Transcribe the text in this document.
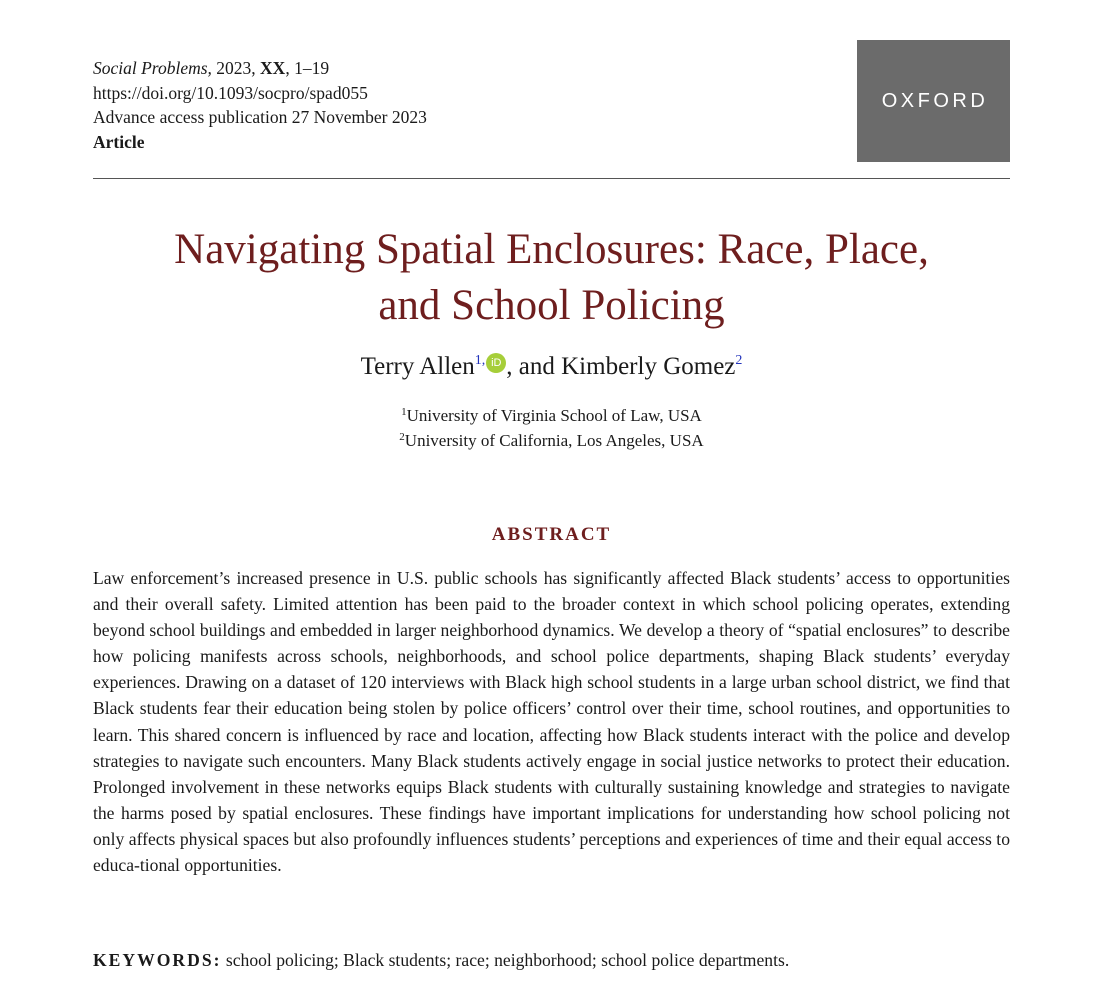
Social Problems, 2023, XX, 1–19
https://doi.org/10.1093/socpro/spad055
Advance access publication 27 November 2023
Article
OXFORD
Navigating Spatial Enclosures: Race, Place,
and School Policing
Terry Allen$^{1,}$ iD , and Kimberly Gomez$^2$
$^1$University of Virginia School of Law, USA
$^2$University of California, Los Angeles, USA
ABSTRACT

Law enforcement’s increased presence in U.S. public schools has significantly affected Black students’ access to opportunities and their overall safety. Limited attention has been paid to the broader context in which school policing operates, extending beyond school buildings and embedded in larger neighborhood dynamics. We develop a theory of “spatial enclosures” to describe how policing manifests across schools, neighborhoods, and school police departments, shaping Black students’ everyday experiences. Drawing on a dataset of 120 interviews with Black high school students in a large urban school district, we find that Black students fear their education being stolen by police officers’ control over their time, school routines, and opportunities to learn. This shared concern is influenced by race and location, affecting how Black students interact with the police and develop strategies to navigate such encounters. Many Black students actively engage in social justice networks to protect their education. Prolonged involvement in these networks equips Black students with culturally sustaining knowledge and strategies to navigate the harms posed by spatial enclosures. These findings have important implications for understanding how school policing not only affects physical spaces but also profoundly influences students’ perceptions and experiences of time and their equal access to educa-tional opportunities.

KEYWORDS: school policing; Black students; race; neighborhood; school police departments.
